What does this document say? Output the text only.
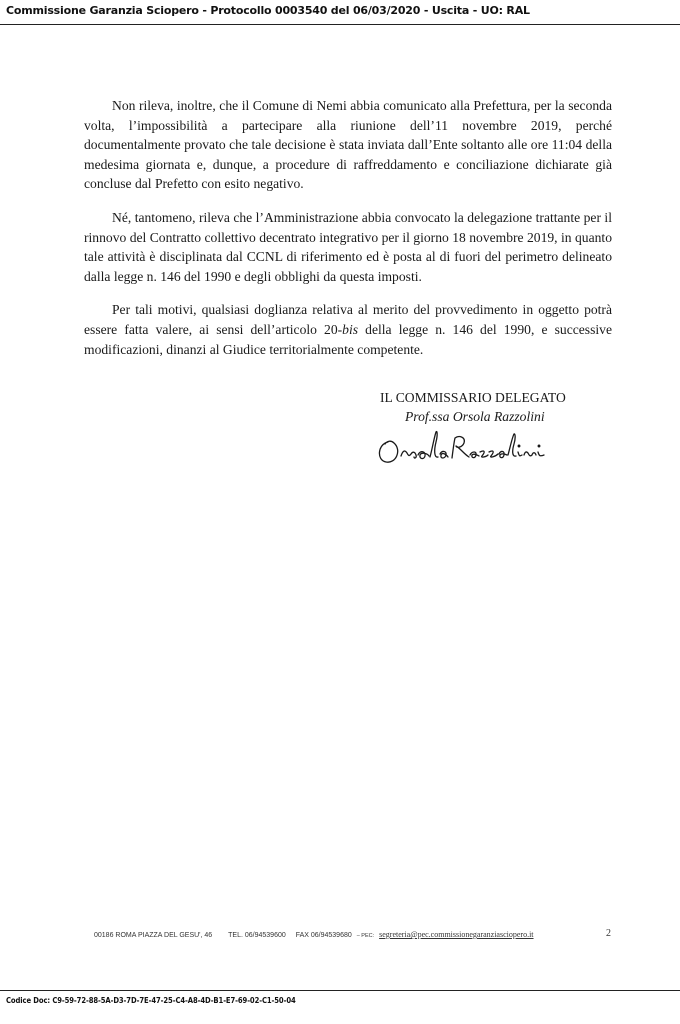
Commissione Garanzia Sciopero - Protocollo 0003540 del 06/03/2020 - Uscita - UO: RAL

Non rileva, inoltre, che il Comune di Nemi abbia comunicato alla Prefettura, per la seconda volta, l’impossibilità a partecipare alla riunione dell’11 novembre 2019, perché documentalmente provato che tale decisione è stata inviata dall’Ente soltanto alle ore 11:04 della medesima giornata e, dunque, a procedure di raffreddamento e conciliazione dichiarate già concluse dal Prefetto con esito negativo.

Né, tantomeno, rileva che l’Amministrazione abbia convocato la delegazione trattante per il rinnovo del Contratto collettivo decentrato integrativo per il giorno 18 novembre 2019, in quanto tale attività è disciplinata dal CCNL di riferimento ed è posta al di fuori del perimetro delineato dalla legge n. 146 del 1990 e degli obblighi da questa imposti.

Per tali motivi, qualsiasi doglianza relativa al merito del provvedimento in oggetto potrà essere fatta valere, ai sensi dell’articolo 20-bis della legge n. 146 del 1990, e successive modificazioni, dinanzi al Giudice territorialmente competente.

IL COMMISSARIO DELEGATO
Prof.ssa Orsola Razzolini
00186 ROMA PIAZZA DEL GESU', 46 TEL. 06/94539600 FAX 06/94539680 – PEC: segreteria@pec.commissionegaranziasciopero.it	2
Codice Doc: C9-59-72-88-5A-D3-7D-7E-47-25-C4-A8-4D-B1-E7-69-02-C1-50-04
